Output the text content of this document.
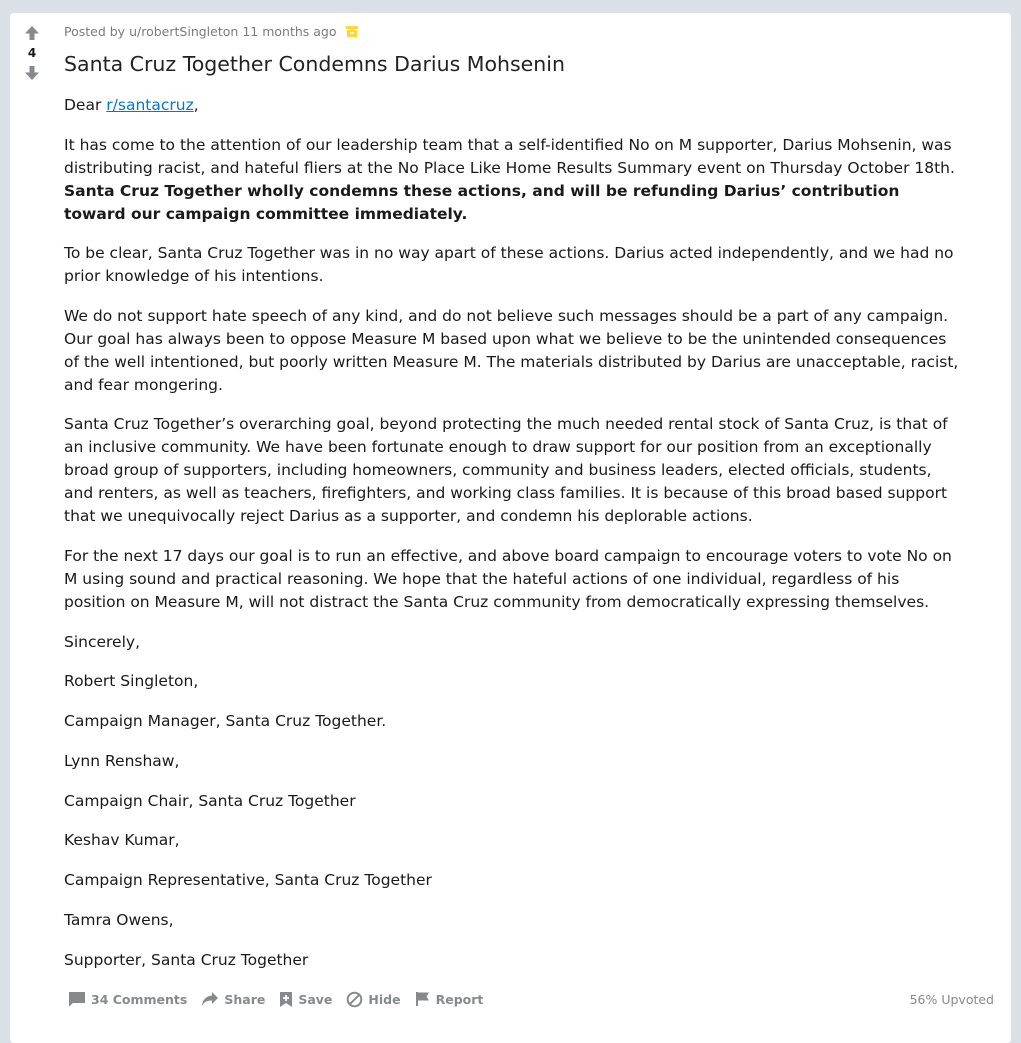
4
Posted by u/robertSingleton 11 months ago
Santa Cruz Together Condemns Darius Mohsenin

Dear r/santacruz,

It has come to the attention of our leadership team that a self-identified No on M supporter, Darius Mohsenin, was distributing racist, and hateful fliers at the No Place Like Home Results Summary event on Thursday October 18th. Santa Cruz Together wholly condemns these actions, and will be refunding Darius’ contribution toward our campaign committee immediately.

To be clear, Santa Cruz Together was in no way apart of these actions. Darius acted independently, and we had no prior knowledge of his intentions.

We do not support hate speech of any kind, and do not believe such messages should be a part of any campaign. Our goal has always been to oppose Measure M based upon what we believe to be the unintended consequences of the well intentioned, but poorly written Measure M. The materials distributed by Darius are unacceptable, racist, and fear mongering.

Santa Cruz Together’s overarching goal, beyond protecting the much needed rental stock of Santa Cruz, is that of an inclusive community. We have been fortunate enough to draw support for our position from an exceptionally broad group of supporters, including homeowners, community and business leaders, elected officials, students, and renters, as well as teachers, firefighters, and working class families. It is because of this broad based support that we unequivocally reject Darius as a supporter, and condemn his deplorable actions.

For the next 17 days our goal is to run an effective, and above board campaign to encourage voters to vote No on M using sound and practical reasoning. We hope that the hateful actions of one individual, regardless of his position on Measure M, will not distract the Santa Cruz community from democratically expressing themselves.

Sincerely,

Robert Singleton,

Campaign Manager, Santa Cruz Together.

Lynn Renshaw,

Campaign Chair, Santa Cruz Together

Keshav Kumar,

Campaign Representative, Santa Cruz Together

Tamra Owens,

Supporter, Santa Cruz Together

34 Comments	Share	Save	Hide	Report	56% Upvoted
